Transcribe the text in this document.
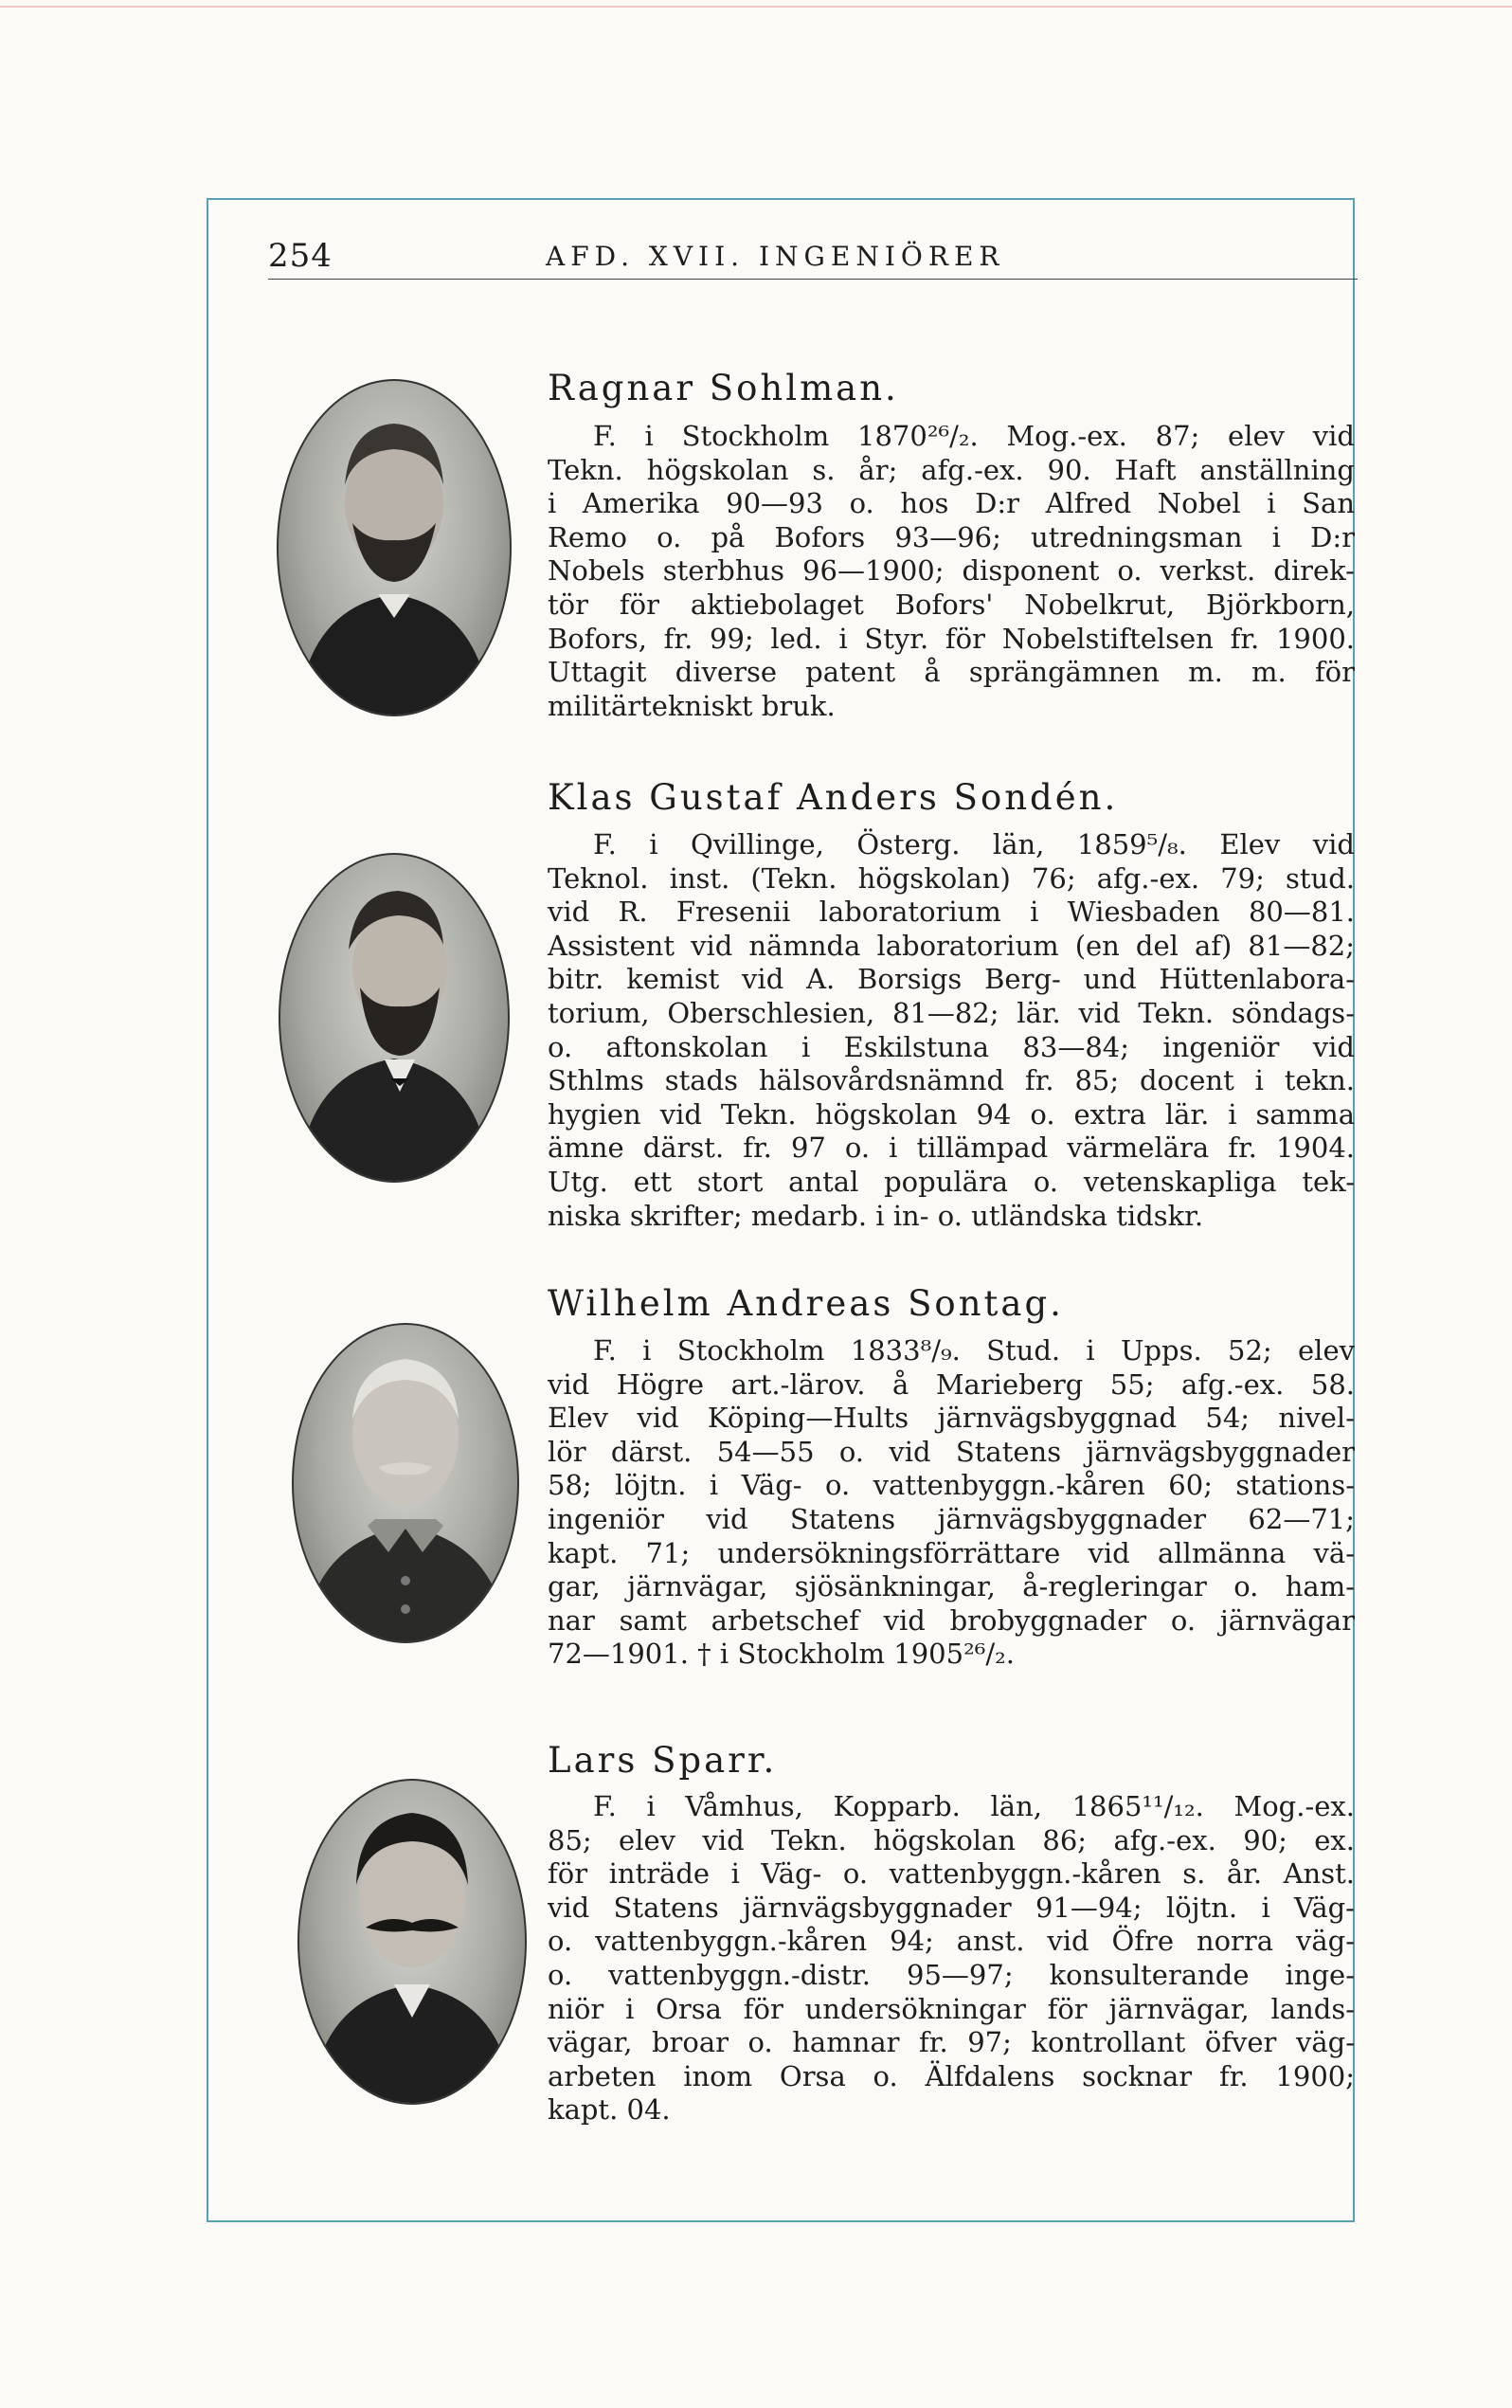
254	AFD. XVII. INGENIÖRER
Ragnar Sohlman.
F. i Stockholm 1870²⁶/₂. Mog.-ex. 87; elev vid
Tekn. högskolan s. år; afg.-ex. 90. Haft anställning
i Amerika 90—93 o. hos D:r Alfred Nobel i San
Remo o. på Bofors 93—96; utredningsman i D:r
Nobels sterbhus 96—1900; disponent o. verkst. direk-
tör för aktiebolaget Bofors' Nobelkrut, Björkborn,
Bofors, fr. 99; led. i Styr. för Nobelstiftelsen fr. 1900.
Uttagit diverse patent å sprängämnen m. m. för
militärtekniskt bruk.
Klas Gustaf Anders Sondén.
F. i Qvillinge, Österg. län, 1859⁵/₈. Elev vid
Teknol. inst. (Tekn. högskolan) 76; afg.-ex. 79; stud.
vid R. Fresenii laboratorium i Wiesbaden 80—81.
Assistent vid nämnda laboratorium (en del af) 81—82;
bitr. kemist vid A. Borsigs Berg- und Hüttenlabora-
torium, Oberschlesien, 81—82; lär. vid Tekn. söndags-
o. aftonskolan i Eskilstuna 83—84; ingeniör vid
Sthlms stads hälsovårdsnämnd fr. 85; docent i tekn.
hygien vid Tekn. högskolan 94 o. extra lär. i samma
ämne därst. fr. 97 o. i tillämpad värmelära fr. 1904.
Utg. ett stort antal populära o. vetenskapliga tek-
niska skrifter; medarb. i in- o. utländska tidskr.
Wilhelm Andreas Sontag.
F. i Stockholm 1833⁸/₉. Stud. i Upps. 52; elev
vid Högre art.-lärov. å Marieberg 55; afg.-ex. 58.
Elev vid Köping—Hults järnvägsbyggnad 54; nivel-
lör därst. 54—55 o. vid Statens järnvägsbyggnader
58; löjtn. i Väg- o. vattenbyggn.-kåren 60; stations-
ingeniör vid Statens järnvägsbyggnader 62—71;
kapt. 71; undersökningsförrättare vid allmänna vä-
gar, järnvägar, sjösänkningar, å-regleringar o. ham-
nar samt arbetschef vid brobyggnader o. järnvägar
72—1901. † i Stockholm 1905²⁶/₂.
Lars Sparr.
F. i Våmhus, Kopparb. län, 1865¹¹/₁₂. Mog.-ex.
85; elev vid Tekn. högskolan 86; afg.-ex. 90; ex.
för inträde i Väg- o. vattenbyggn.-kåren s. år. Anst.
vid Statens järnvägsbyggnader 91—94; löjtn. i Väg-
o. vattenbyggn.-kåren 94; anst. vid Öfre norra väg-
o. vattenbyggn.-distr. 95—97; konsulterande inge-
niör i Orsa för undersökningar för järnvägar, lands-
vägar, broar o. hamnar fr. 97; kontrollant öfver väg-
arbeten inom Orsa o. Älfdalens socknar fr. 1900;
kapt. 04.
